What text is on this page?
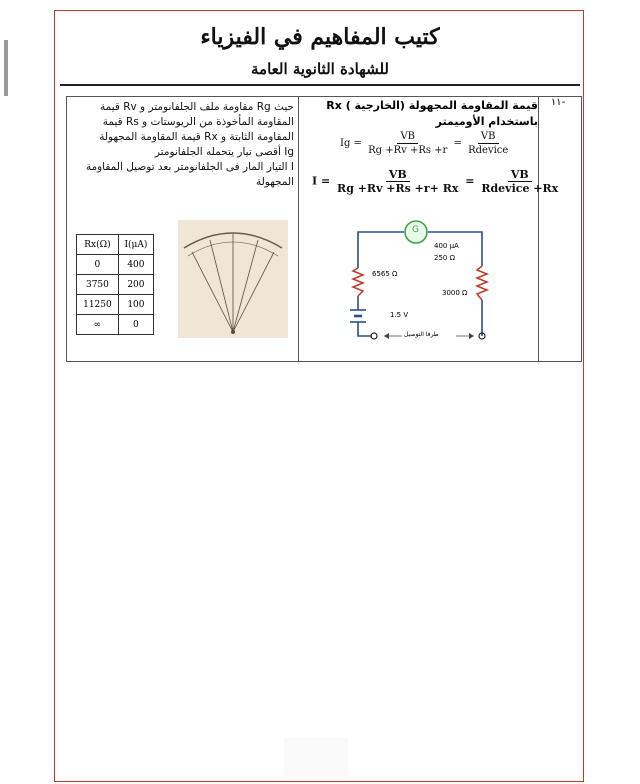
كتيب المفاهيم في الفيزياء
للشهادة الثانوية العامة
-١١
قيمة المقاومة المجهولة (الخارجية ) Rx باستخدام الأوميمتر
$Ig = \frac{VB}{Rg +Rv +Rs +r} = \frac{VB}{\text{Rdevice}}$
$I = \frac{VB}{Rg +Rv +Rs +r+ Rx} = \frac{VB}{\text{Rdevice +Rx}}$
حيث Rg مقاومة ملف الجلفانومتر و Rv قيمة المقاومة المأخوذة من الريوستات و Rs قيمة المقاومة الثابتة و Rx قيمة المقاومة المجهولة
Ig أقصى تيار يتحمله الجلفانومتر
I التيار المار فى الجلفانومتر بعد توصيل المقاومة المجهولة
Rx(Ω)	I(μA)
0	400
3750	200
11250	100
∞	0
G
400 μA
250 Ω
6565 Ω
3000 Ω
1.5 V
طرفا التوصيل
